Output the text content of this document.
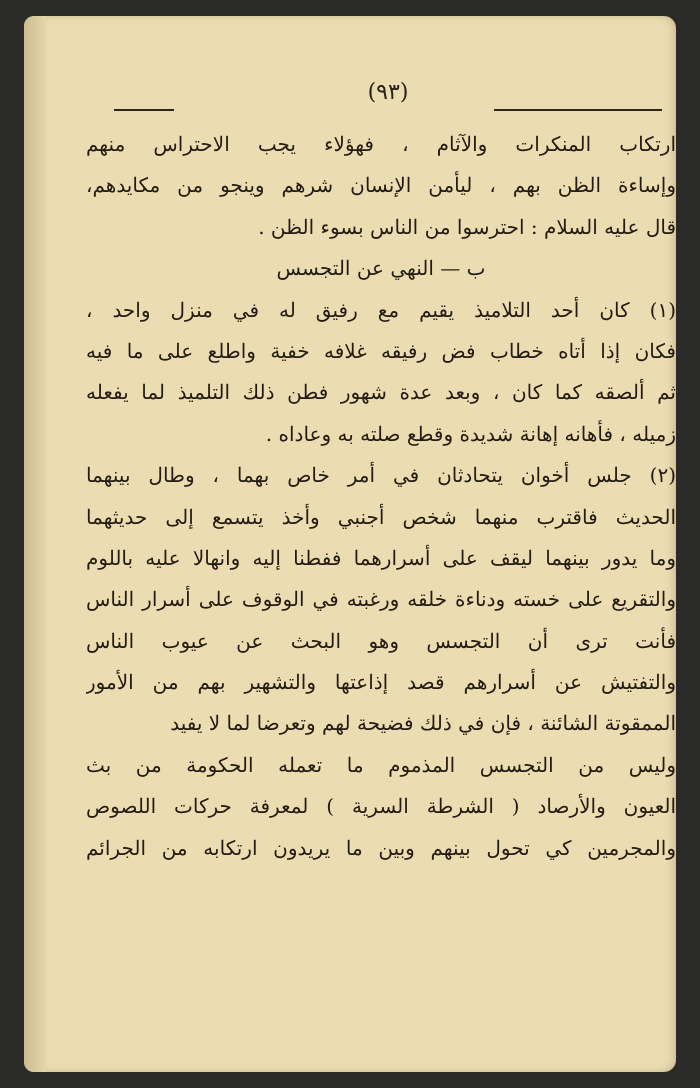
(٩٣)
ارتكاب المنكرات والآثام ، فهؤلاء يجب الاحتراس منهم
وإساءة الظن بهم ، ليأمن الإنسان شرهم وينجو من مكايدهم،
قال عليه السلام : احترسوا من الناس بسوء الظن .
ب — النهي عن التجسس
(١) كان أحد التلاميذ يقيم مع رفيق له في منزل واحد ،
فكان إذا أتاه خطاب فض رفيقه غلافه خفية واطلع على ما فيه
ثم ألصقه كما كان ، وبعد عدة شهور فطن ذلك التلميذ لما يفعله
زميله ، فأهانه إهانة شديدة وقطع صلته به وعاداه .
(٢) جلس أخوان يتحادثان في أمر خاص بهما ، وطال بينهما
الحديث فاقترب منهما شخص أجنبي وأخذ يتسمع إلى حديثهما
وما يدور بينهما ليقف على أسرارهما ففطنا إليه وانهالا عليه باللوم
والتقريع على خسته ودناءة خلقه ورغبته في الوقوف على أسرار الناس
فأنت ترى أن التجسس وهو البحث عن عيوب الناس
والتفتيش عن أسرارهم قصد إذاعتها والتشهير بهم من الأمور
الممقوتة الشائنة ، فإن في ذلك فضيحة لهم وتعرضا لما لا يفيد
وليس من التجسس المذموم ما تعمله الحكومة من بث
العيون والأرصاد ( الشرطة السرية ) لمعرفة حركات اللصوص
والمجرمين كي تحول بينهم وبين ما يريدون ارتكابه من الجرائم
